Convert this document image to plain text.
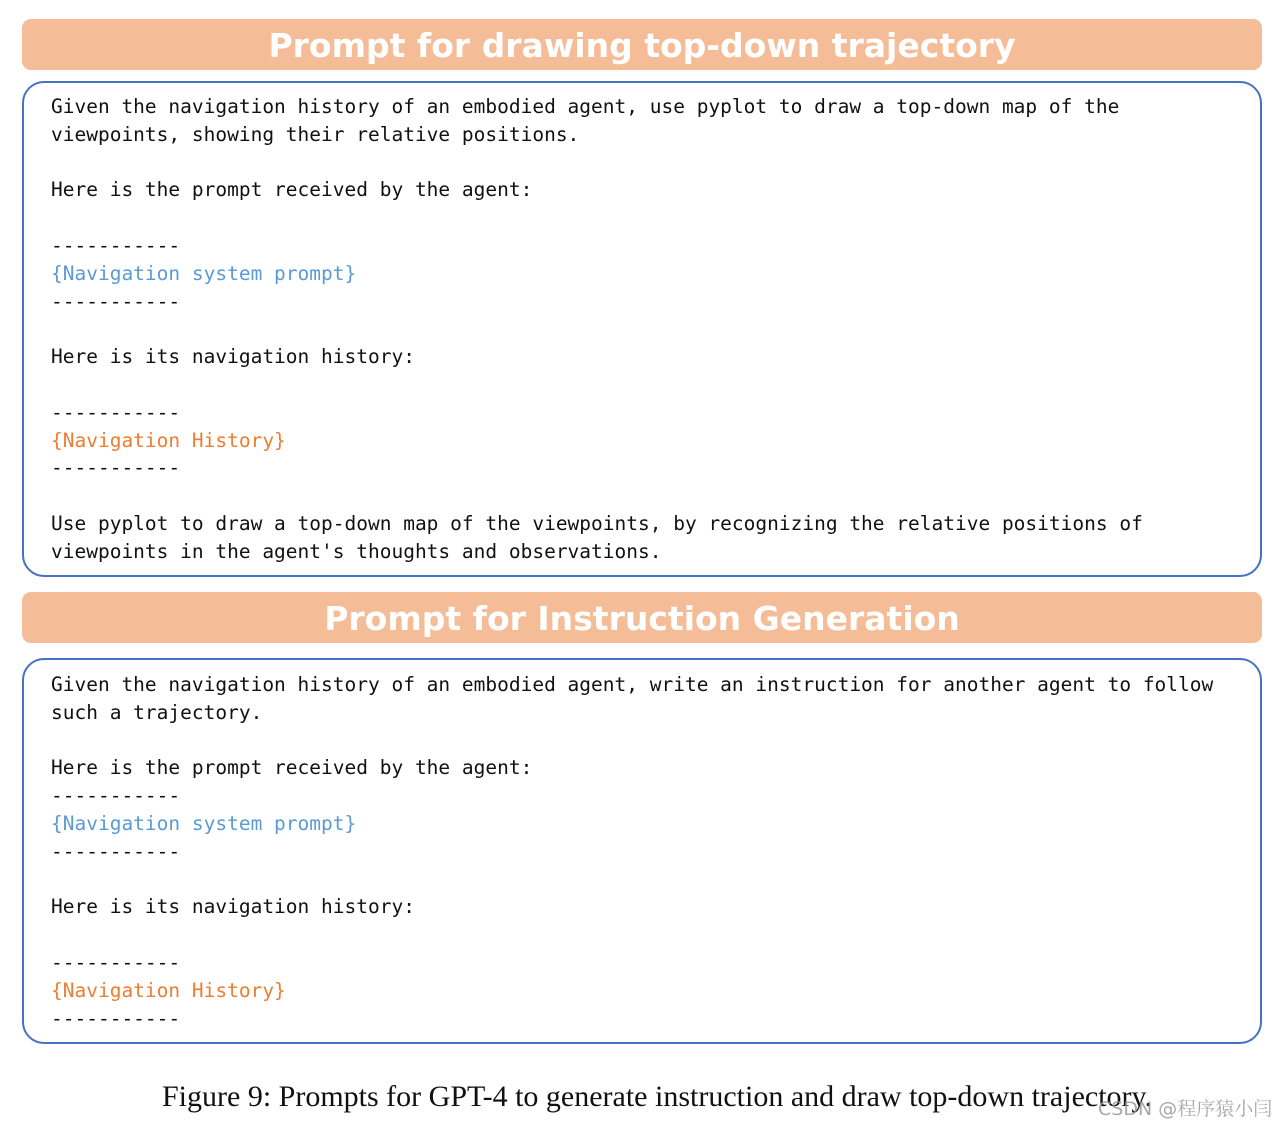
Prompt for drawing top-down trajectory
Given the navigation history of an embodied agent, use pyplot to draw a top-down map of the
viewpoints, showing their relative positions.
Here is the prompt received by the agent:
-----------
{Navigation system prompt}
-----------
Here is its navigation history:
-----------
{Navigation History}
-----------
Use pyplot to draw a top-down map of the viewpoints, by recognizing the relative positions of
viewpoints in the agent's thoughts and observations.
Prompt for Instruction Generation
Given the navigation history of an embodied agent, write an instruction for another agent to follow
such a trajectory.
Here is the prompt received by the agent:
-----------
{Navigation system prompt}
-----------
Here is its navigation history:
-----------
{Navigation History}
-----------
Figure 9: Prompts for GPT-4 to generate instruction and draw top-down trajectory.
CSDN @程序猿小闫
